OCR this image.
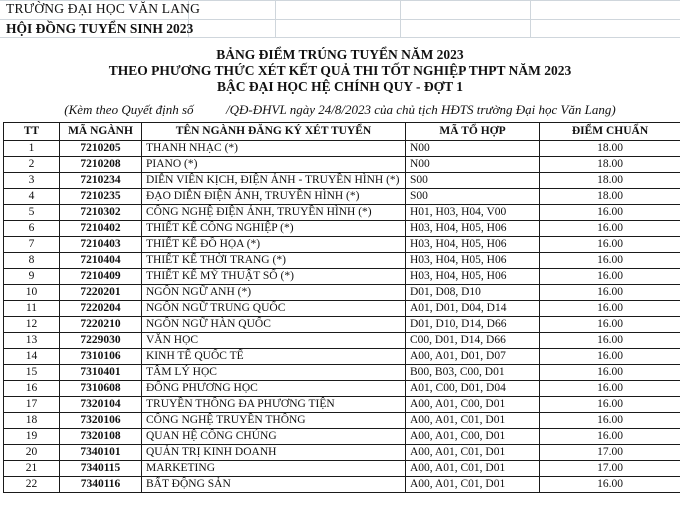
TRƯỜNG ĐẠI HỌC VĂN LANG
HỘI ĐỒNG TUYỂN SINH 2023
BẢNG ĐIỂM TRÚNG TUYỂN NĂM 2023
THEO PHƯƠNG THỨC XÉT KẾT QUẢ THI TỐT NGHIỆP THPT NĂM 2023
BẬC ĐẠI HỌC HỆ CHÍNH QUY - ĐỢT 1
(Kèm theo Quyết định số          /QĐ-ĐHVL ngày 24/8/2023 của chủ tịch HĐTS trường Đại học Văn Lang)
TT	MÃ NGÀNH	TÊN NGÀNH ĐĂNG KÝ XÉT TUYỂN	MÃ TỔ HỢP	ĐIỂM CHUẨN
1	7210205	THANH NHẠC (*)	N00	18.00
2	7210208	PIANO (*)	N00	18.00
3	7210234	DIỄN VIÊN KỊCH, ĐIỆN ẢNH - TRUYỀN HÌNH (*)	S00	18.00
4	7210235	ĐẠO DIỄN ĐIỆN ẢNH, TRUYỀN HÌNH (*)	S00	18.00
5	7210302	CÔNG NGHỆ ĐIỆN ẢNH, TRUYỀN HÌNH (*)	H01, H03, H04, V00	16.00
6	7210402	THIẾT KẾ CÔNG NGHIỆP (*)	H03, H04, H05, H06	16.00
7	7210403	THIẾT KẾ ĐỒ HỌA (*)	H03, H04, H05, H06	16.00
8	7210404	THIẾT KẾ THỜI TRANG (*)	H03, H04, H05, H06	16.00
9	7210409	THIẾT KẾ MỸ THUẬT SỐ (*)	H03, H04, H05, H06	16.00
10	7220201	NGÔN NGỮ ANH (*)	D01, D08, D10	16.00
11	7220204	NGÔN NGỮ TRUNG QUỐC	A01, D01, D04, D14	16.00
12	7220210	NGÔN NGỮ HÀN QUỐC	D01, D10, D14, D66	16.00
13	7229030	VĂN HỌC	C00, D01, D14, D66	16.00
14	7310106	KINH TẾ QUỐC TẾ	A00, A01, D01, D07	16.00
15	7310401	TÂM LÝ HỌC	B00, B03, C00, D01	16.00
16	7310608	ĐÔNG PHƯƠNG HỌC	A01, C00, D01, D04	16.00
17	7320104	TRUYỀN THÔNG ĐA PHƯƠNG TIỆN	A00, A01, C00, D01	16.00
18	7320106	CÔNG NGHỆ TRUYỀN THÔNG	A00, A01, C01, D01	16.00
19	7320108	QUAN HỆ CÔNG CHÚNG	A00, A01, C00, D01	16.00
20	7340101	QUẢN TRỊ KINH DOANH	A00, A01, C01, D01	17.00
21	7340115	MARKETING	A00, A01, C01, D01	17.00
22	7340116	BẤT ĐỘNG SẢN	A00, A01, C01, D01	16.00
